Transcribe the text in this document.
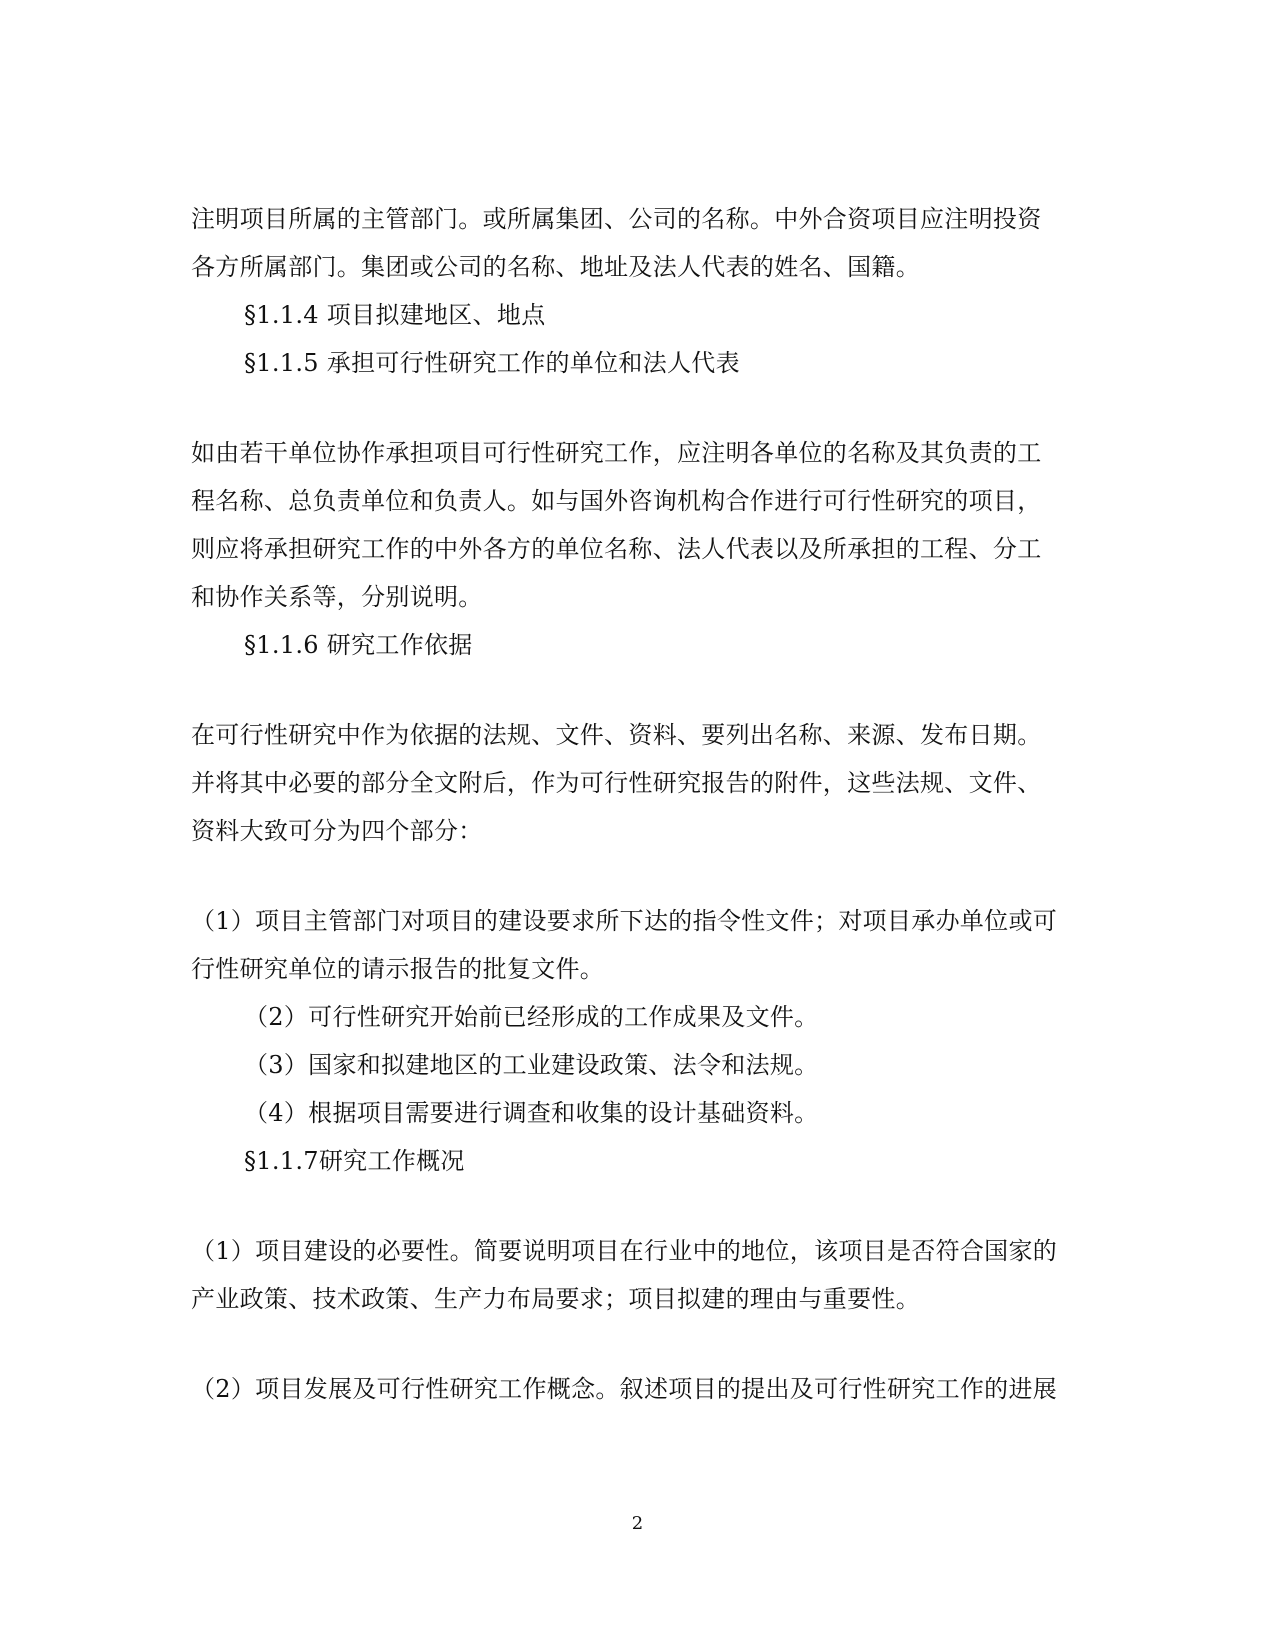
注明项目所属的主管部门。或所属集团、公司的名称。中外合资项目应注明投资
各方所属部门。集团或公司的名称、地址及法人代表的姓名、国籍。
§1.1.4 项目拟建地区、地点
§1.1.5 承担可行性研究工作的单位和法人代表
如由若干单位协作承担项目可行性研究工作，应注明各单位的名称及其负责的工
程名称、总负责单位和负责人。如与国外咨询机构合作进行可行性研究的项目，
则应将承担研究工作的中外各方的单位名称、法人代表以及所承担的工程、分工
和协作关系等，分别说明。
§1.1.6 研究工作依据
在可行性研究中作为依据的法规、文件、资料、要列出名称、来源、发布日期。
并将其中必要的部分全文附后，作为可行性研究报告的附件，这些法规、文件、
资料大致可分为四个部分：
（1）项目主管部门对项目的建设要求所下达的指令性文件；对项目承办单位或可
行性研究单位的请示报告的批复文件。
（2）可行性研究开始前已经形成的工作成果及文件。
（3）国家和拟建地区的工业建设政策、法令和法规。
（4）根据项目需要进行调查和收集的设计基础资料。
§1.1.7研究工作概况
（1）项目建设的必要性。简要说明项目在行业中的地位，该项目是否符合国家的
产业政策、技术政策、生产力布局要求；项目拟建的理由与重要性。
（2）项目发展及可行性研究工作概念。叙述项目的提出及可行性研究工作的进展
2
